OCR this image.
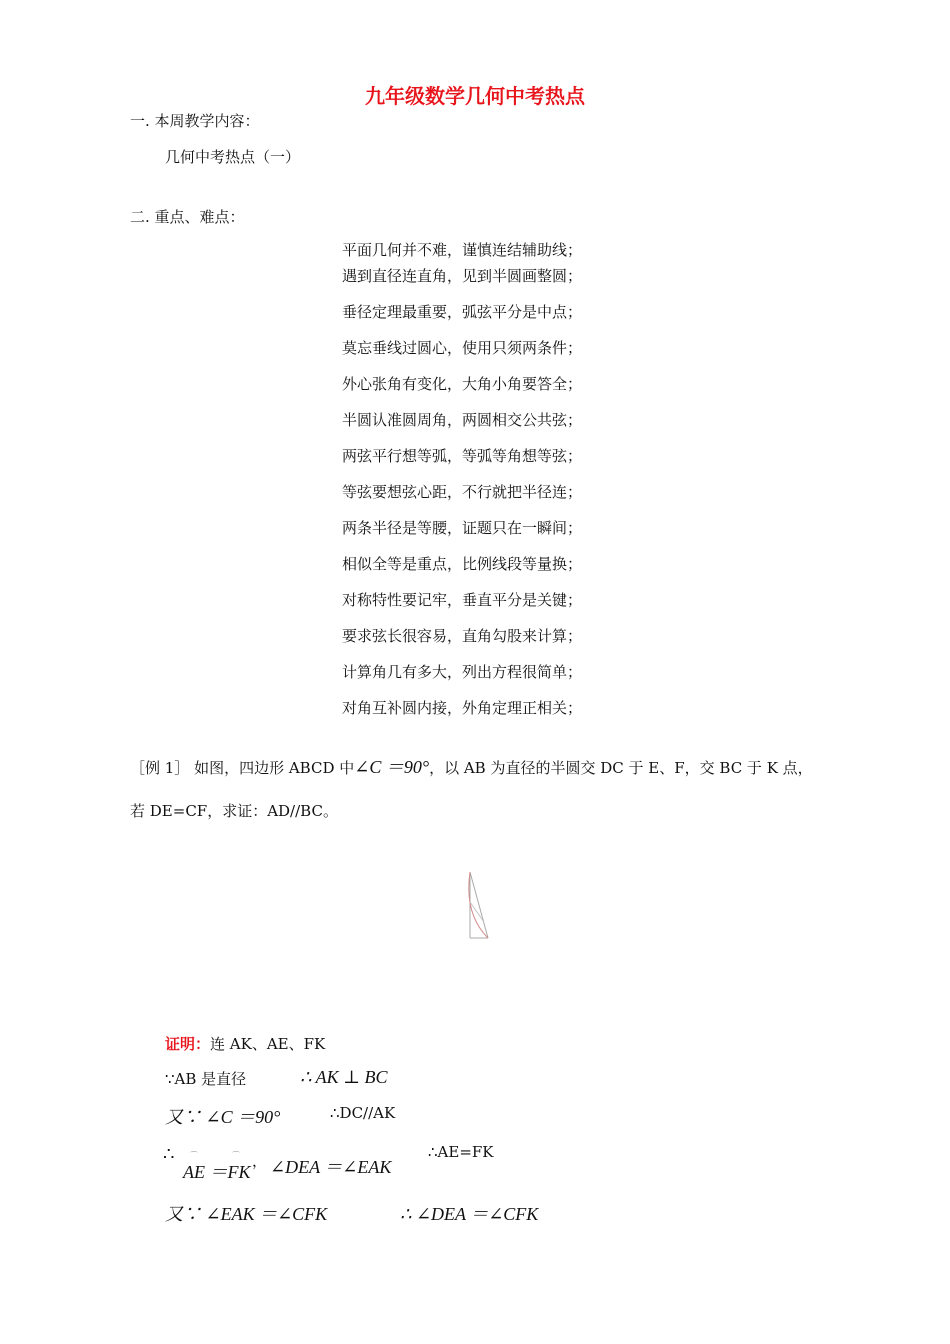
九年级数学几何中考热点
一. 本周教学内容：
几何中考热点（一）
二. 重点、难点：
平面几何并不难，谨慎连结辅助线；
遇到直径连直角，见到半圆画整圆；
垂径定理最重要，弧弦平分是中点；
莫忘垂线过圆心，使用只须两条件；
外心张角有变化，大角小角要答全；
半圆认准圆周角，两圆相交公共弦；
两弦平行想等弧，等弧等角想等弦；
等弦要想弦心距，不行就把半径连；
两条半径是等腰，证题只在一瞬间；
相似全等是重点，比例线段等量换；
对称特性要记牢，垂直平分是关键；
要求弦长很容易，直角勾股来计算；
计算角几有多大，列出方程很简单；
对角互补圆内接，外角定理正相关；
［例 1］ 如图，四边形 ABCD 中∠C ＝90°，以 AB 为直径的半圆交 DC 于 E、F，交 BC 于 K 点，
若 DE=CF，求证：AD//BC。
证明：连 AK、AE、FK
∵AB 是直径	∴ AK ⊥ BC
又∵ ∠C ＝90°	∴DC//AK
∴ ⌒	⌒
AE ＝FK
， ∠DEA ＝∠EAK
∴AE=FK
又∵ ∠EAK ＝∠CFK	∴ ∠DEA ＝∠CFK
